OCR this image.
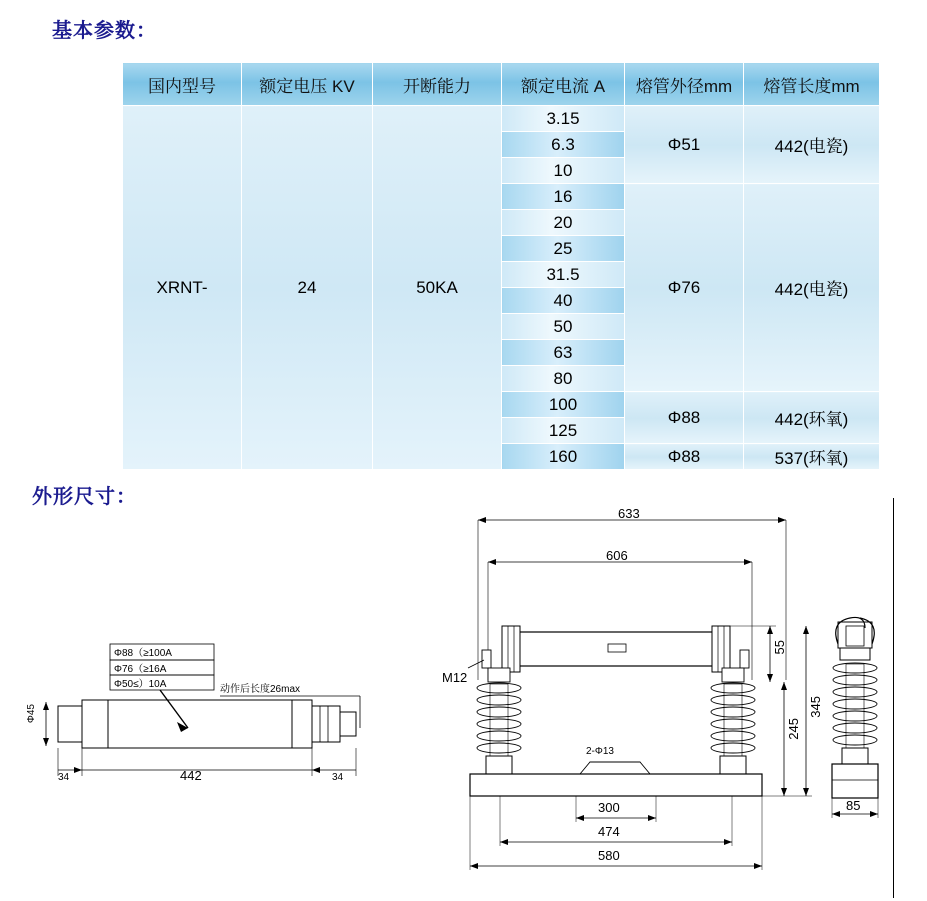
基本参数：
外形尺寸：
国内型号	额定电压 KV	开断能力	额定电流 A	熔管外径mm	熔管长度mm
XRNT-	24	50KA	3.15	Φ51	442(电瓷)
			6.3		
			10		
			16	Φ76	442(电瓷)
			20		
			25		
			31.5		
			40		
			50		
			63		
			80		
			100	Φ88	442(环氧)
			125		
			160	Φ88	537(环氧)
Φ88（≥100A
Φ76（≥16A
Φ50≤）10A	动作后长度26max
Φ45
34	442	34
633
606
55
245
345
M12
2-Φ13
300
474
580
85
